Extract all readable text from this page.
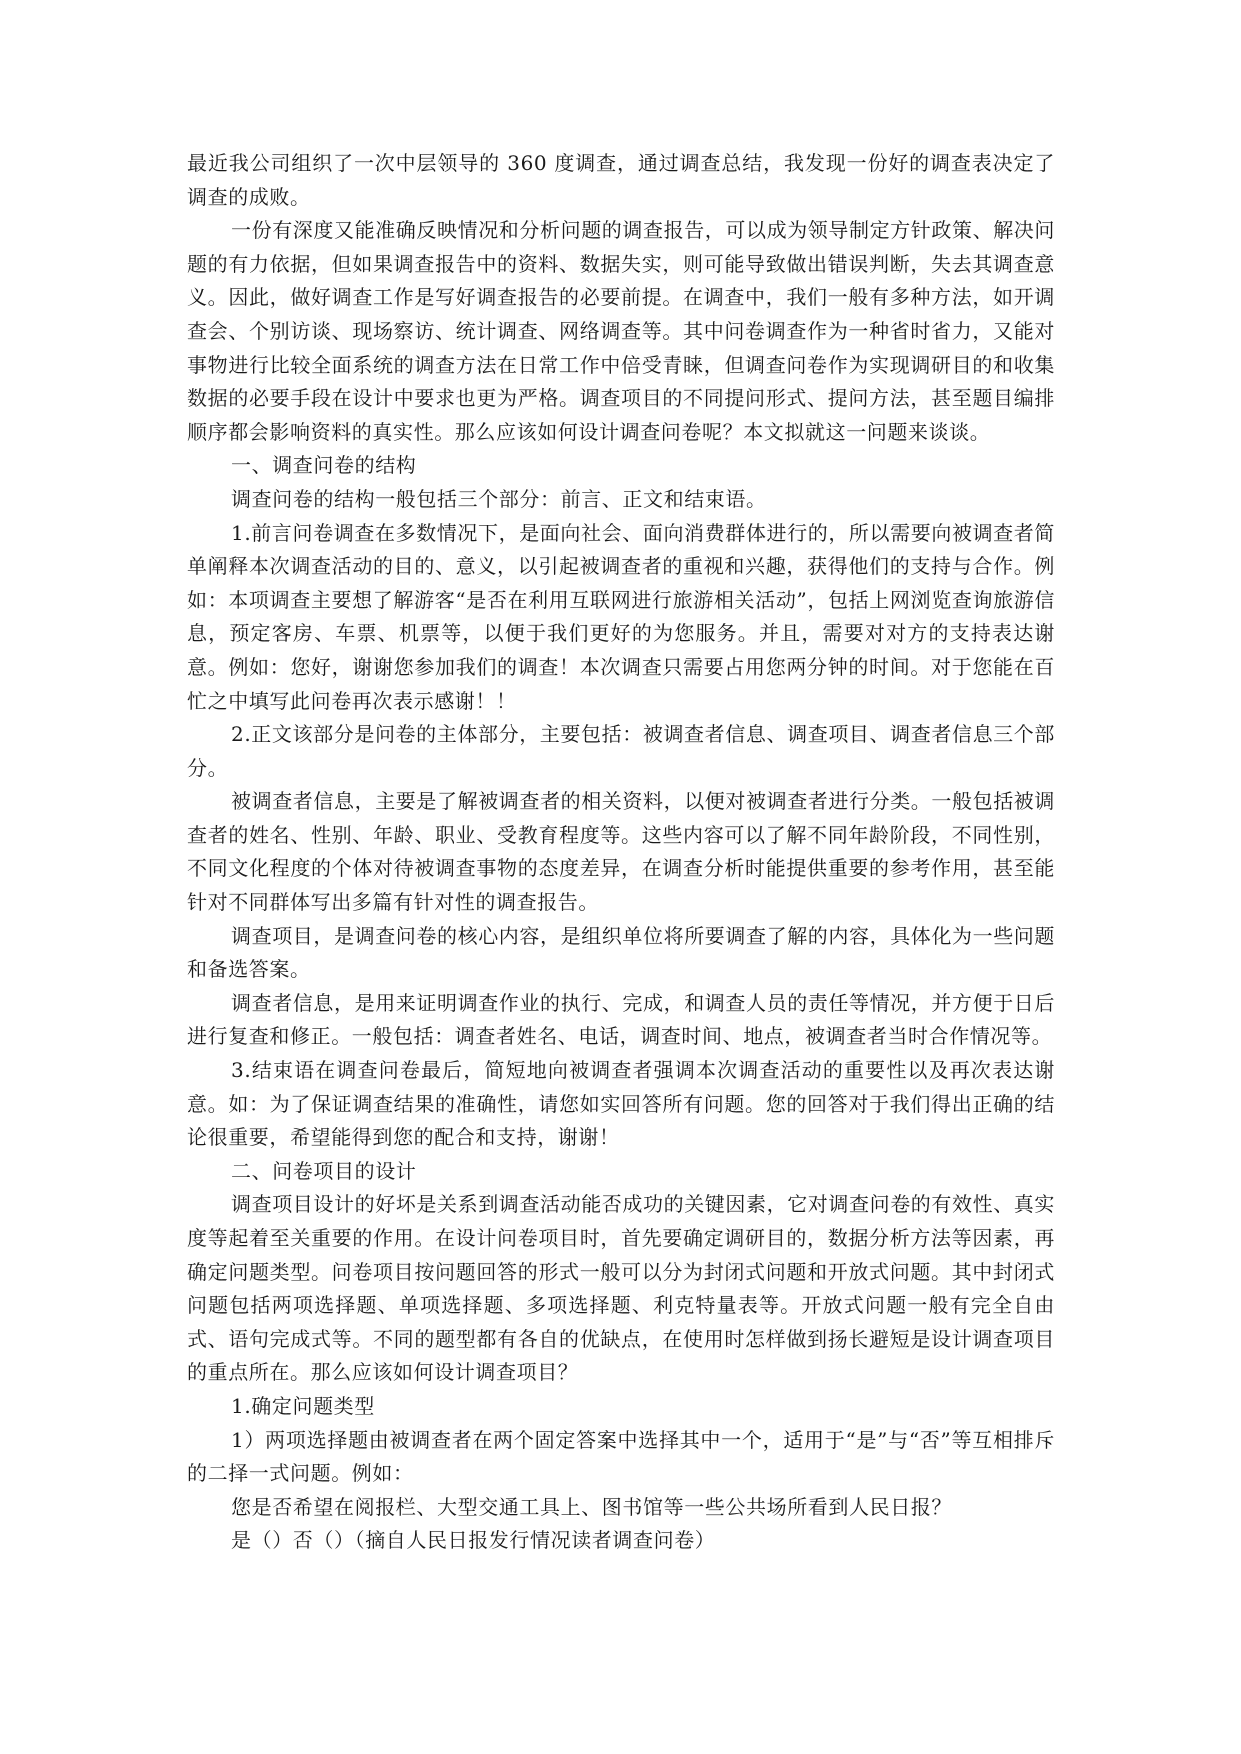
最近我公司组织了一次中层领导的 360 度调查，通过调查总结，我发现一份好的调查表决定了调查的成败。

一份有深度又能准确反映情况和分析问题的调查报告，可以成为领导制定方针政策、解决问题的有力依据，但如果调查报告中的资料、数据失实，则可能导致做出错误判断，失去其调查意义。因此，做好调查工作是写好调查报告的必要前提。在调查中，我们一般有多种方法，如开调查会、个别访谈、现场察访、统计调查、网络调查等。其中问卷调查作为一种省时省力，又能对事物进行比较全面系统的调查方法在日常工作中倍受青睐，但调查问卷作为实现调研目的和收集数据的必要手段在设计中要求也更为严格。调查项目的不同提问形式、提问方法，甚至题目编排顺序都会影响资料的真实性。那么应该如何设计调查问卷呢？本文拟就这一问题来谈谈。

一、调查问卷的结构

调查问卷的结构一般包括三个部分：前言、正文和结束语。

1.前言问卷调查在多数情况下，是面向社会、面向消费群体进行的，所以需要向被调查者简单阐释本次调查活动的目的、意义，以引起被调查者的重视和兴趣，获得他们的支持与合作。例如：本项调查主要想了解游客“是否在利用互联网进行旅游相关活动”，包括上网浏览查询旅游信息，预定客房、车票、机票等，以便于我们更好的为您服务。并且，需要对对方的支持表达谢意。例如：您好，谢谢您参加我们的调查！本次调查只需要占用您两分钟的时间。对于您能在百忙之中填写此问卷再次表示感谢！！

2.正文该部分是问卷的主体部分，主要包括：被调查者信息、调查项目、调查者信息三个部分。

被调查者信息，主要是了解被调查者的相关资料，以便对被调查者进行分类。一般包括被调查者的姓名、性别、年龄、职业、受教育程度等。这些内容可以了解不同年龄阶段，不同性别，不同文化程度的个体对待被调查事物的态度差异，在调查分析时能提供重要的参考作用，甚至能针对不同群体写出多篇有针对性的调查报告。

调查项目，是调查问卷的核心内容，是组织单位将所要调查了解的内容，具体化为一些问题和备选答案。

调查者信息，是用来证明调查作业的执行、完成，和调查人员的责任等情况，并方便于日后进行复查和修正。一般包括：调查者姓名、电话，调查时间、地点，被调查者当时合作情况等。

3.结束语在调查问卷最后，简短地向被调查者强调本次调查活动的重要性以及再次表达谢意。如：为了保证调查结果的准确性，请您如实回答所有问题。您的回答对于我们得出正确的结论很重要，希望能得到您的配合和支持，谢谢！

二、问卷项目的设计

调查项目设计的好坏是关系到调查活动能否成功的关键因素，它对调查问卷的有效性、真实度等起着至关重要的作用。在设计问卷项目时，首先要确定调研目的，数据分析方法等因素，再确定问题类型。问卷项目按问题回答的形式一般可以分为封闭式问题和开放式问题。其中封闭式问题包括两项选择题、单项选择题、多项选择题、利克特量表等。开放式问题一般有完全自由式、语句完成式等。不同的题型都有各自的优缺点，在使用时怎样做到扬长避短是设计调查项目的重点所在。那么应该如何设计调查项目？

1.确定问题类型

1）两项选择题由被调查者在两个固定答案中选择其中一个，适用于“是”与“否”等互相排斥的二择一式问题。例如：

您是否希望在阅报栏、大型交通工具上、图书馆等一些公共场所看到人民日报？

是（）否（）（摘自人民日报发行情况读者调查问卷）
